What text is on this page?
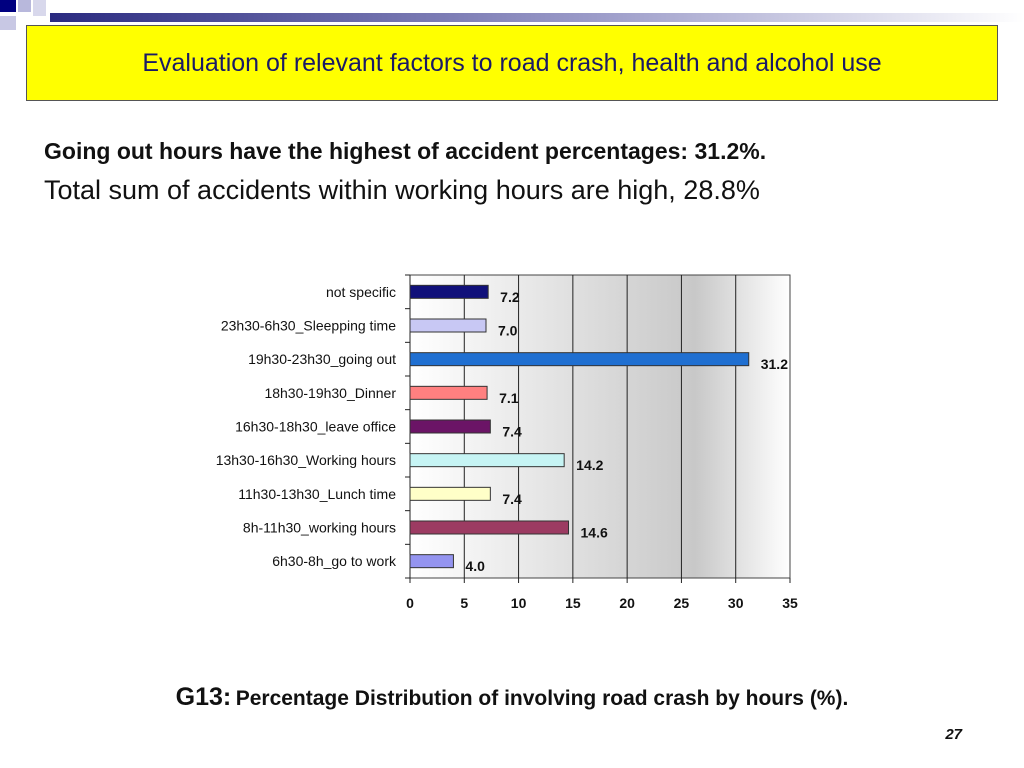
Evaluation of relevant factors to road crash, health and alcohol use
Going out hours have the highest of accident percentages: 31.2%.
Total sum of accidents within working hours are high, 28.8%
0	5	10	15	20	25	30	35
not specific	7.2
23h30-6h30_Sleepping time	7.0
19h30-23h30_going out	31.2
18h30-19h30_Dinner	7.1
16h30-18h30_leave office	7.4
13h30-16h30_Working hours	14.2
11h30-13h30_Lunch time	7.4
8h-11h30_working hours	14.6
6h30-8h_go to work	4.0
G13: Percentage Distribution of involving road crash by hours (%).
27
